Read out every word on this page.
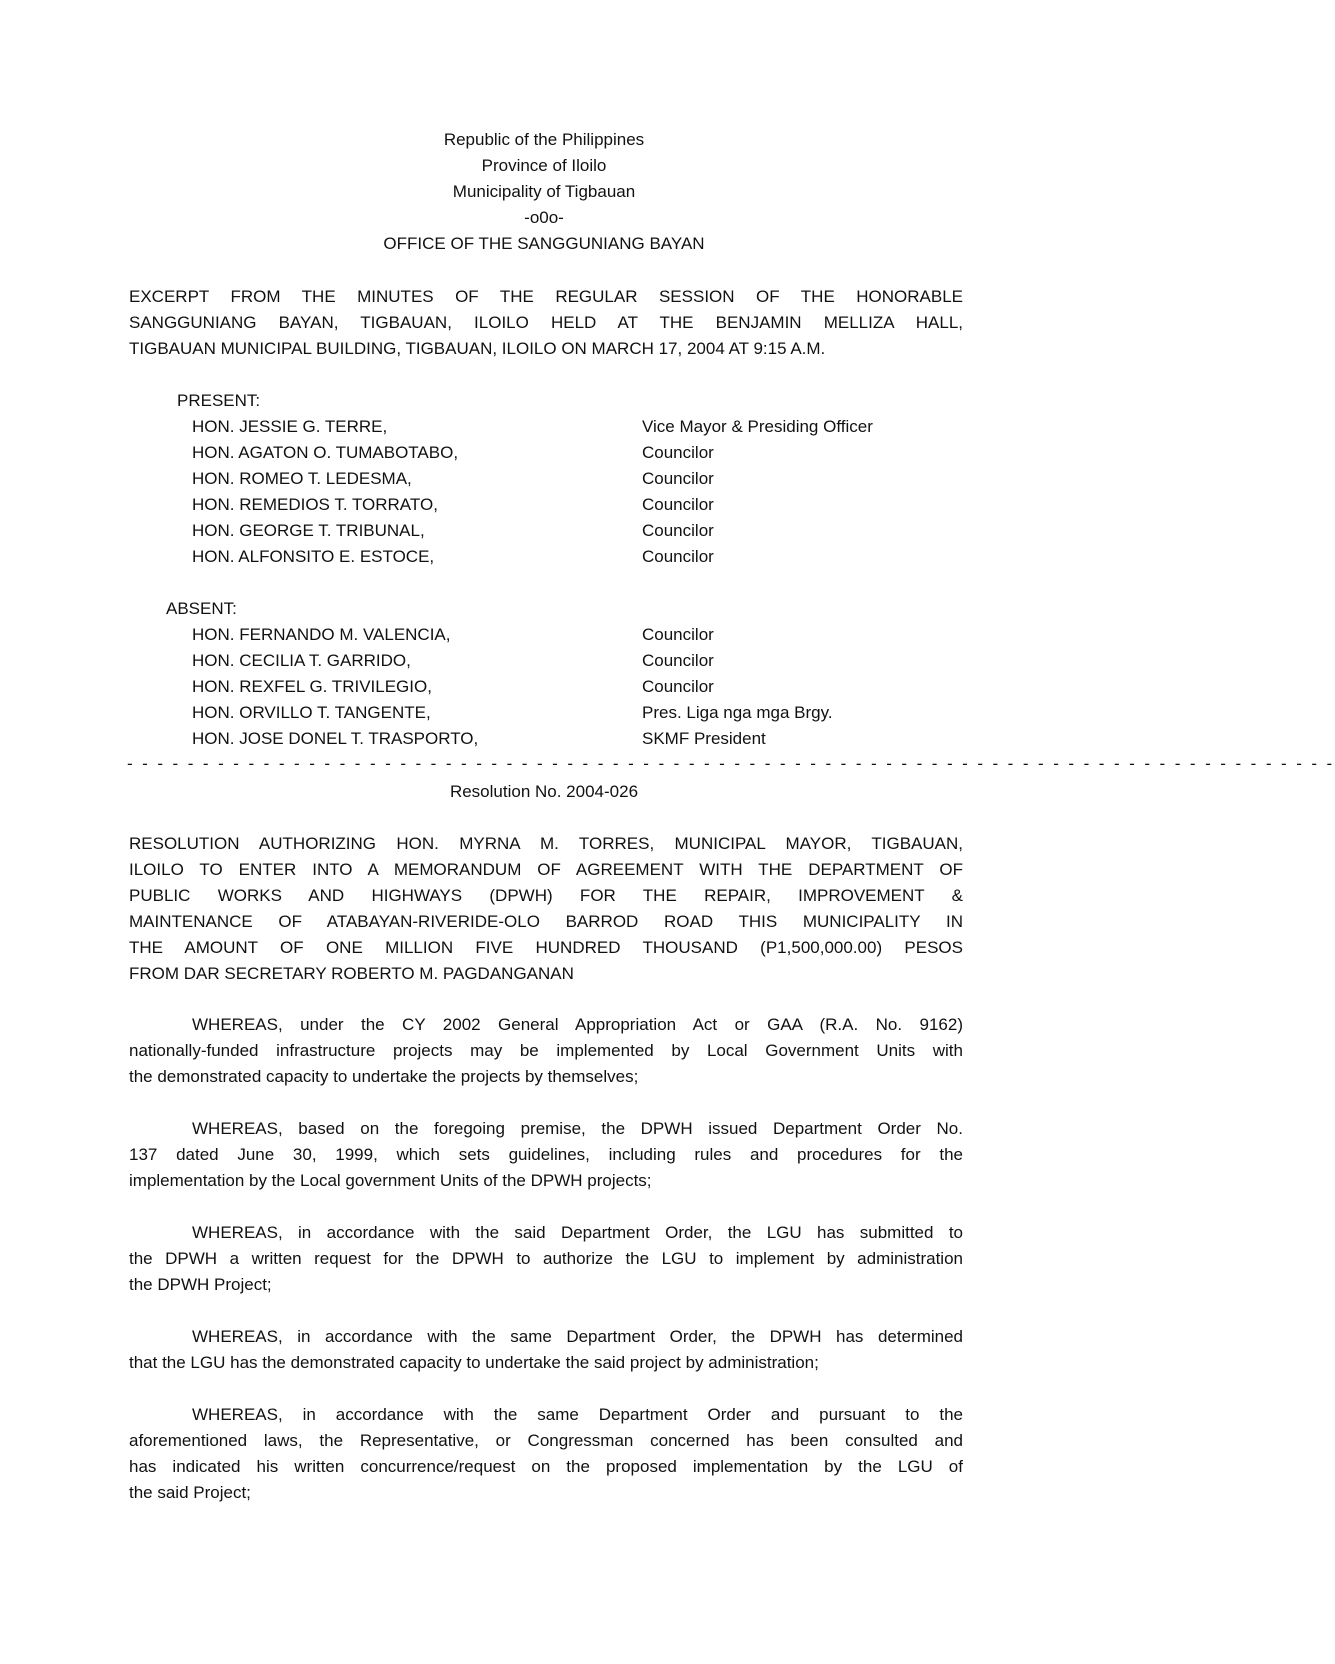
Republic of the Philippines
Province of Iloilo
Municipality of Tigbauan
-o0o-
OFFICE OF THE SANGGUNIANG BAYAN
EXCERPT FROM THE MINUTES OF THE REGULAR SESSION OF THE HONORABLE
SANGGUNIANG BAYAN, TIGBAUAN, ILOILO HELD AT THE BENJAMIN MELLIZA HALL,
TIGBAUAN MUNICIPAL BUILDING, TIGBAUAN, ILOILO ON MARCH 17, 2004 AT 9:15 A.M.
PRESENT:
HON. JESSIE G. TERRE,	Vice Mayor & Presiding Officer
HON. AGATON O. TUMABOTABO,	Councilor
HON. ROMEO T. LEDESMA,	Councilor
HON. REMEDIOS T. TORRATO,	Councilor
HON. GEORGE T. TRIBUNAL,	Councilor
HON. ALFONSITO E. ESTOCE,	Councilor
ABSENT:
HON. FERNANDO M. VALENCIA,	Councilor
HON. CECILIA T. GARRIDO,	Councilor
HON. REXFEL G. TRIVILEGIO,	Councilor
HON. ORVILLO T. TANGENTE,	Pres. Liga nga mga Brgy.
HON. JOSE DONEL T. TRASPORTO,	SKMF President
- - - - - - - - - - - - - - - - - - - - - - - - - - - - - - - - - - - - - - - - - - - - - - - - - - - - - - - - - - - - - - - - - - - - - - - - - - - - - - - -
Resolution No. 2004-026
RESOLUTION AUTHORIZING HON. MYRNA M. TORRES, MUNICIPAL MAYOR, TIGBAUAN,
ILOILO TO ENTER INTO A MEMORANDUM OF AGREEMENT WITH THE DEPARTMENT OF
PUBLIC WORKS AND HIGHWAYS (DPWH) FOR THE REPAIR, IMPROVEMENT &
MAINTENANCE OF ATABAYAN-RIVERIDE-OLO BARROD ROAD THIS MUNICIPALITY IN
THE AMOUNT OF ONE MILLION FIVE HUNDRED THOUSAND (P1,500,000.00) PESOS
FROM DAR SECRETARY ROBERTO M. PAGDANGANAN
WHEREAS, under the CY 2002 General Appropriation Act or GAA (R.A. No. 9162)
nationally-funded infrastructure projects may be implemented by Local Government Units with
the demonstrated capacity to undertake the projects by themselves;
WHEREAS, based on the foregoing premise, the DPWH issued Department Order No.
137 dated June 30, 1999, which sets guidelines, including rules and procedures for the
implementation by the Local government Units of the DPWH projects;
WHEREAS, in accordance with the said Department Order, the LGU has submitted to
the DPWH a written request for the DPWH to authorize the LGU to implement by administration
the DPWH Project;
WHEREAS, in accordance with the same Department Order, the DPWH has determined
that the LGU has the demonstrated capacity to undertake the said project by administration;
WHEREAS, in accordance with the same Department Order and pursuant to the
aforementioned laws, the Representative, or Congressman concerned has been consulted and
has indicated his written concurrence/request on the proposed implementation by the LGU of
the said Project;
